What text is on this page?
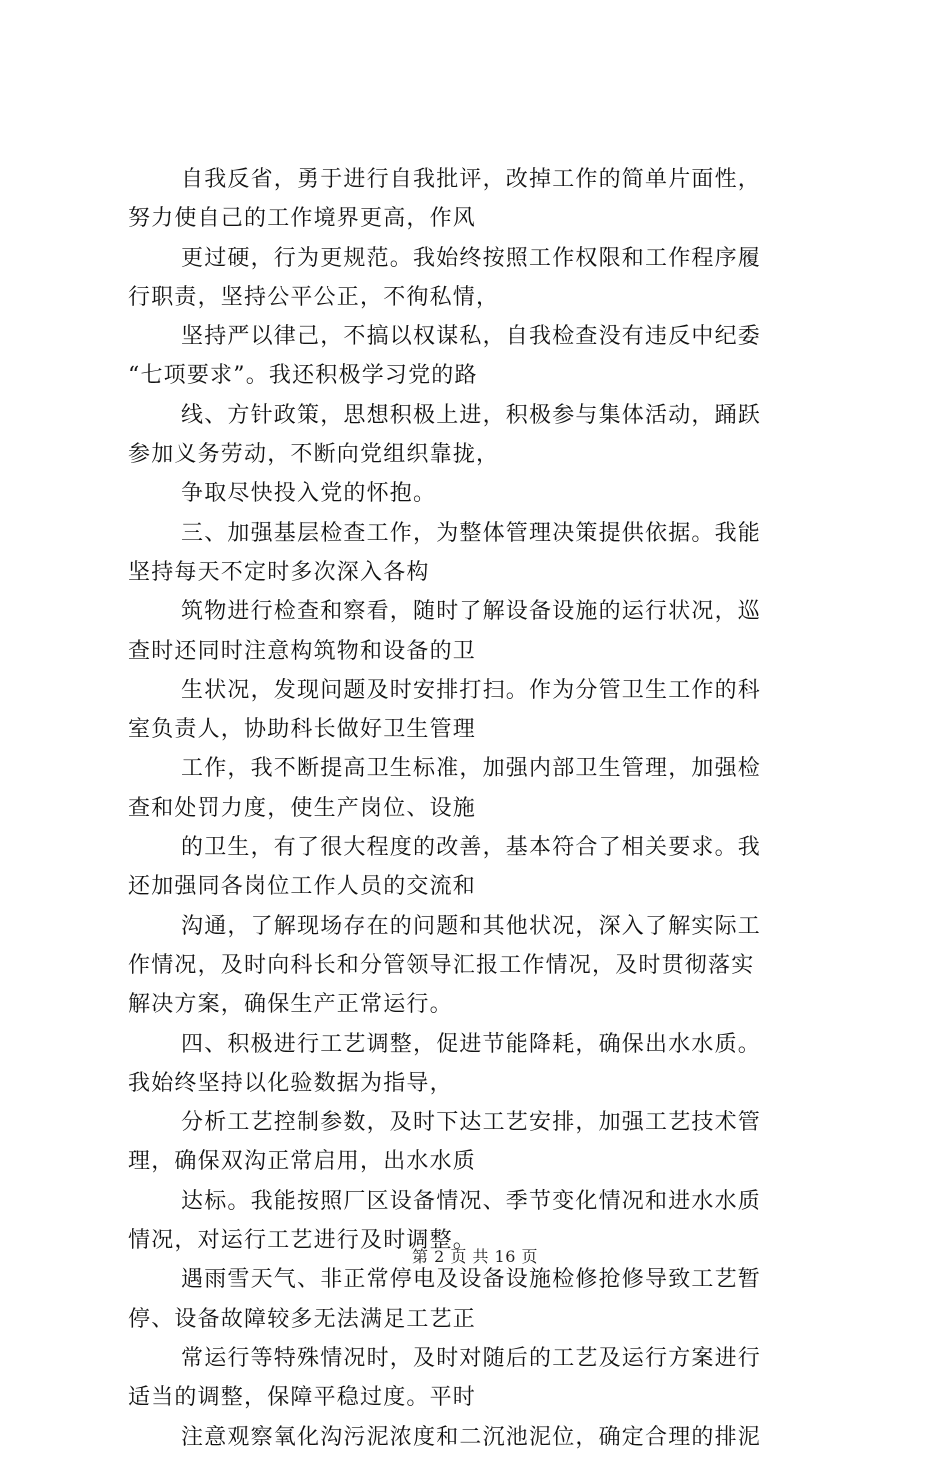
自我反省，勇于进行自我批评，改掉工作的简单片面性，
努力使自己的工作境界更高，作风
更过硬，行为更规范。我始终按照工作权限和工作程序履
行职责，坚持公平公正，不徇私情，
坚持严以律己，不搞以权谋私，自我检查没有违反中纪委
“七项要求”。我还积极学习党的路
线、方针政策，思想积极上进，积极参与集体活动，踊跃
参加义务劳动，不断向党组织靠拢，
争取尽快投入党的怀抱。
三、加强基层检查工作，为整体管理决策提供依据。我能
坚持每天不定时多次深入各构
筑物进行检查和察看，随时了解设备设施的运行状况，巡
查时还同时注意构筑物和设备的卫
生状况，发现问题及时安排打扫。作为分管卫生工作的科
室负责人，协助科长做好卫生管理
工作，我不断提高卫生标准，加强内部卫生管理，加强检
查和处罚力度，使生产岗位、设施
的卫生，有了很大程度的改善，基本符合了相关要求。我
还加强同各岗位工作人员的交流和
沟通，了解现场存在的问题和其他状况，深入了解实际工
作情况，及时向科长和分管领导汇报工作情况，及时贯彻落实
解决方案，确保生产正常运行。
四、积极进行工艺调整，促进节能降耗，确保出水水质。
我始终坚持以化验数据为指导，
分析工艺控制参数，及时下达工艺安排，加强工艺技术管
理，确保双沟正常启用，出水水质
达标。我能按照厂区设备情况、季节变化情况和进水水质
情况，对运行工艺进行及时调整。
遇雨雪天气、非正常停电及设备设施检修抢修导致工艺暂
停、设备故障较多无法满足工艺正
常运行等特殊情况时，及时对随后的工艺及运行方案进行
适当的调整，保障平稳过度。平时
注意观察氧化沟污泥浓度和二沉池泥位，确定合理的排泥
第 2 页 共 16 页
